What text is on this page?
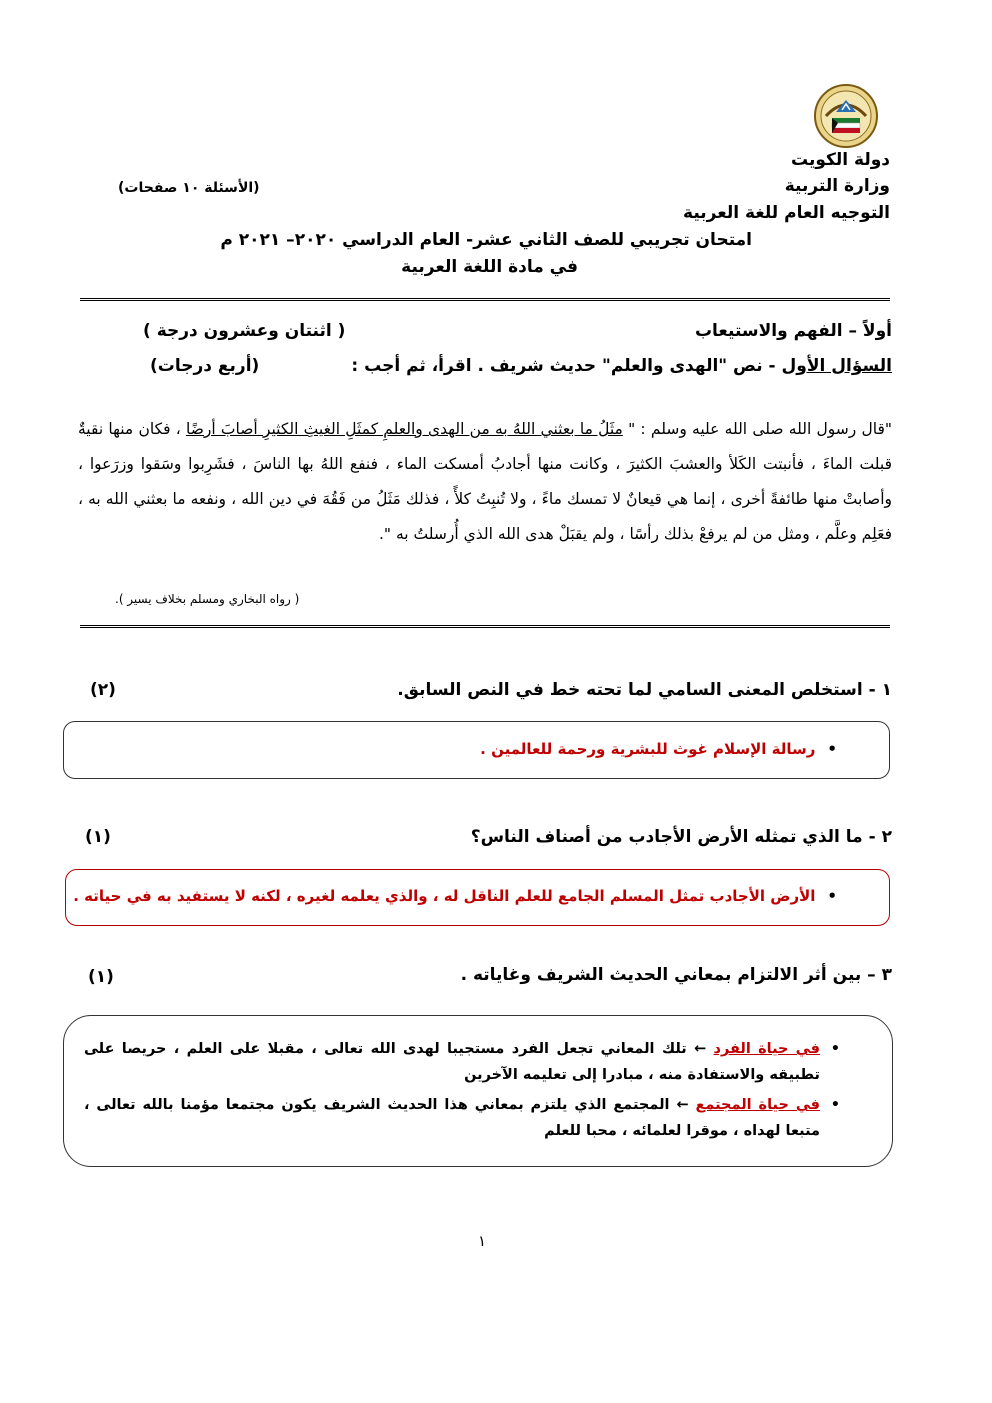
دولة الكويت
وزارة التربية
التوجيه العام للغة العربية
(الأسئلة ١٠ صفحات)
امتحان تجريبي للصف الثاني عشر- العام الدراسي ٢٠٢٠– ٢٠٢١ م
في مادة اللغة العربية
أولاً – الفهم والاستيعاب
( اثنتان وعشرون درجة )
السؤال الأول - نص "الهدى والعلم" حديث شريف . اقرأ، ثم أجب :
(أربع درجات)
"قال رسول الله صلى الله عليه وسلم : " مثَلُ ما بعثني اللهُ به من الهدى والعلمِ كمثَلِ الغيثِ الكثيرِ أصابَ أرضًا ، فكان منها نقيةٌ قبلت الماءَ ، فأنبتت الكَلأ والعشبَ الكثيرَ ، وكانت منها أجادبُ أمسكت الماء ، فنفع اللهُ بها الناسَ ، فشَرِبوا وسَقوا وزرَعوا ، وأصابتْ منها طائفةً أخرى ، إنما هي قيعانٌ لا تمسك ماءً ، ولا تُنبِتُ كلأً ، فذلك مَثَلُ من فَقُهَ في دين الله ، ونفعه ما بعثني الله به ، فعَلِم وعلَّم ، ومثل من لم يرفعْ بذلك رأسًا ، ولم يقبَلْ هدى الله الذي أُرسلتُ به ".
( رواه البخاري ومسلم بخلاف يسير ).
١ - استخلص المعنى السامي لما تحته خط في النص السابق.
(٢)
•رسالة الإسلام غوث للبشرية ورحمة للعالمين .
٢ - ما الذي تمثله الأرض الأجادب من أصناف الناس؟
(١)
•الأرض الأجادب تمثل المسلم الجامع للعلم الناقل له ، والذي يعلمه لغيره ، لكنه لا يستفيد به في حياته .
٣ – بين أثر الالتزام بمعاني الحديث الشريف وغاياته .
(١)
•
في حياة الفرد ← تلك المعاني تجعل الفرد مستجيبا لهدى الله تعالى ، مقبلا على العلم ، حريصا على تطبيقه والاستفادة منه ، مبادرا إلى تعليمه الآخرين
•
في حياة المجتمع ← المجتمع الذي يلتزم بمعاني هذا الحديث الشريف يكون مجتمعا مؤمنا بالله تعالى ، متبعا لهداه ، موقرا لعلمائه ، محبا للعلم
١
